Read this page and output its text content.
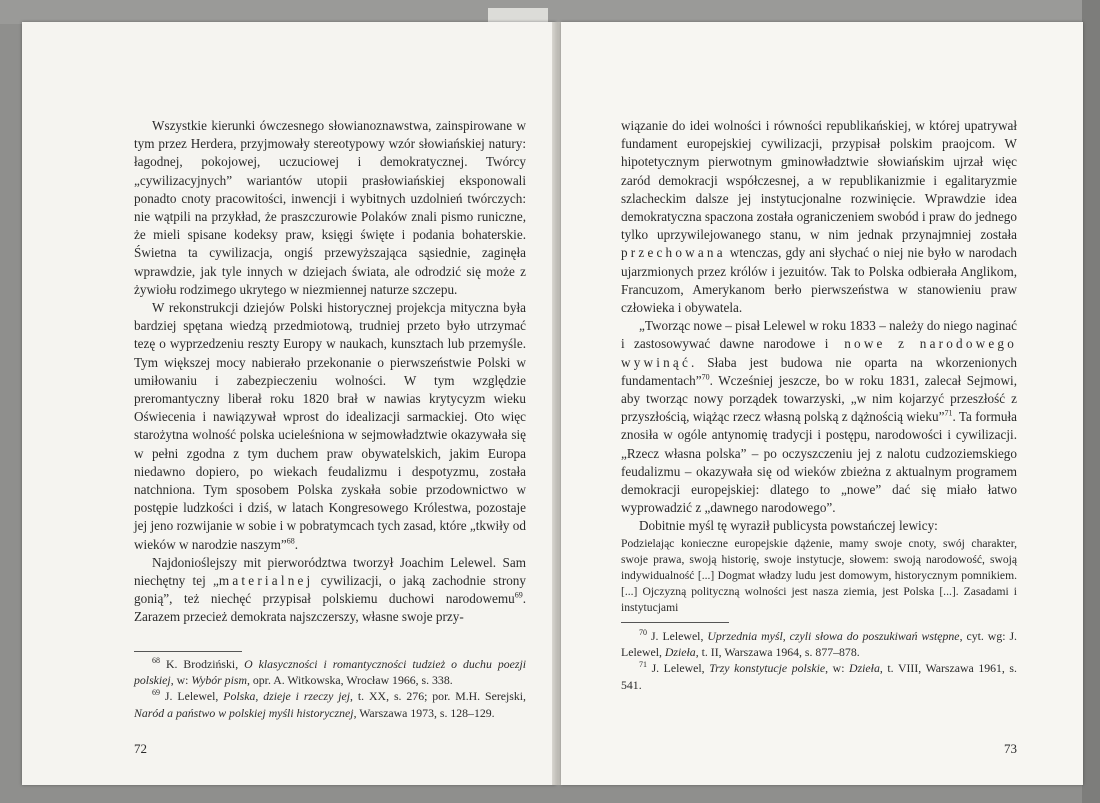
Wszystkie kierunki ówczesnego słowianoznawstwa, zainspirowane w tym przez Herdera, przyjmowały stereotypowy wzór słowiańskiej natury: łagodnej, pokojowej, uczuciowej i demokratycznej. Twórcy „cywilizacyjnych” wariantów utopii prasłowiańskiej eksponowali ponadto cnoty pracowitości, inwencji i wybitnych uzdolnień twórczych: nie wątpili na przykład, że praszczurowie Polaków znali pismo runiczne, że mieli spisane kodeksy praw, księgi święte i podania bohaterskie. Świetna ta cywilizacja, ongiś przewyższająca sąsiednie, zaginęła wprawdzie, jak tyle innych w dziejach świata, ale odrodzić się może z żywiołu rodzimego ukrytego w niezmiennej naturze szczepu.

W rekonstrukcji dziejów Polski historycznej projekcja mityczna była bardziej spętana wiedzą przedmiotową, trudniej przeto było utrzymać tezę o wyprzedzeniu reszty Europy w naukach, kunsztach lub przemyśle. Tym większej mocy nabierało przekonanie o pierwszeństwie Polski w umiłowaniu i zabezpieczeniu wolności. W tym względzie preromantyczny liberał roku 1820 brał w nawias krytycyzm wieku Oświecenia i nawiązywał wprost do idealizacji sarmackiej. Oto więc starożytna wolność polska ucieleśniona w sejmowładztwie okazywała się w pełni zgodna z tym duchem praw obywatelskich, jakim Europa niedawno dopiero, po wiekach feudalizmu i despotyzmu, została natchniona. Tym sposobem Polska zyskała sobie przodownictwo w postępie ludzkości i dziś, w latach Kongresowego Królestwa, pozostaje jej jeno rozwijanie w sobie i w pobratymcach tych zasad, które „tkwiły od wieków w narodzie naszym”$^{68}$.

Najdonioślejszy mit pierworództwa tworzył Joachim Lelewel. Sam niechętny tej „materialnej cywilizacji, o jaką zachodnie strony gonią”, też niechęć przypisał polskiemu duchowi narodowemu$^{69}$. Zarazem przecież demokrata najszczerszy, własne swoje przy-

$^{68}$ K. Brodziński, O klasyczności i romantyczności tudzież o duchu poezji polskiej, w: Wybór pism, opr. A. Witkowska, Wrocław 1966, s. 338.

$^{69}$ J. Lelewel, Polska, dzieje i rzeczy jej, t. XX, s. 276; por. M.H. Serejski, Naród a państwo w polskiej myśli historycznej, Warszawa 1973, s. 128–129.

72

wiązanie do idei wolności i równości republikańskiej, w której upatrywał fundament europejskiej cywilizacji, przypisał polskim praojcom. W hipotetycznym pierwotnym gminowładztwie słowiańskim ujrzał więc zaród demokracji współczesnej, a w republikanizmie i egalitaryzmie szlacheckim dalsze jej instytucjonalne rozwinięcie. Wprawdzie idea demokratyczna spaczona została ograniczeniem swobód i praw do jednego tylko uprzywilejowanego stanu, w nim jednak przynajmniej została przechowana wtenczas, gdy ani słychać o niej nie było w narodach ujarzmionych przez królów i jezuitów. Tak to Polska odbierała Anglikom, Francuzom, Amerykanom berło pierwszeństwa w stanowieniu praw człowieka i obywatela.

„Tworząc nowe – pisał Lelewel w roku 1833 – należy do niego naginać i zastosowywać dawne narodowe i nowe z narodowego wywinąć. Słaba jest budowa nie oparta na wkorzenionych fundamentach”$^{70}$. Wcześniej jeszcze, bo w roku 1831, zalecał Sejmowi, aby tworząc nowy porządek towarzyski, „w nim kojarzyć przeszłość z przyszłością, wiążąc rzecz własną polską z dążnością wieku”$^{71}$. Ta formuła znosiła w ogóle antynomię tradycji i postępu, narodowości i cywilizacji. „Rzecz własna polska” – po oczyszczeniu jej z nalotu cudzoziemskiego feudalizmu – okazywała się od wieków zbieżna z aktualnym programem demokracji europejskiej: dlatego to „nowe” dać się miało łatwo wyprowadzić z „dawnego narodowego”.

Dobitnie myśl tę wyraził publicysta powstańczej lewicy:

Podzielając konieczne europejskie dążenie, mamy swoje cnoty, swój charakter, swoje prawa, swoją historię, swoje instytucje, słowem: swoją narodowość, swoją indywidualność [...] Dogmat władzy ludu jest domowym, historycznym pomnikiem. [...] Ojczyzną polityczną wolności jest nasza ziemia, jest Polska [...]. Zasadami i instytucjami

$^{70}$ J. Lelewel, Uprzednia myśl, czyli słowa do poszukiwań wstępne, cyt. wg: J. Lelewel, Dzieła, t. II, Warszawa 1964, s. 877–878.

$^{71}$ J. Lelewel, Trzy konstytucje polskie, w: Dzieła, t. VIII, Warszawa 1961, s. 541.

73
